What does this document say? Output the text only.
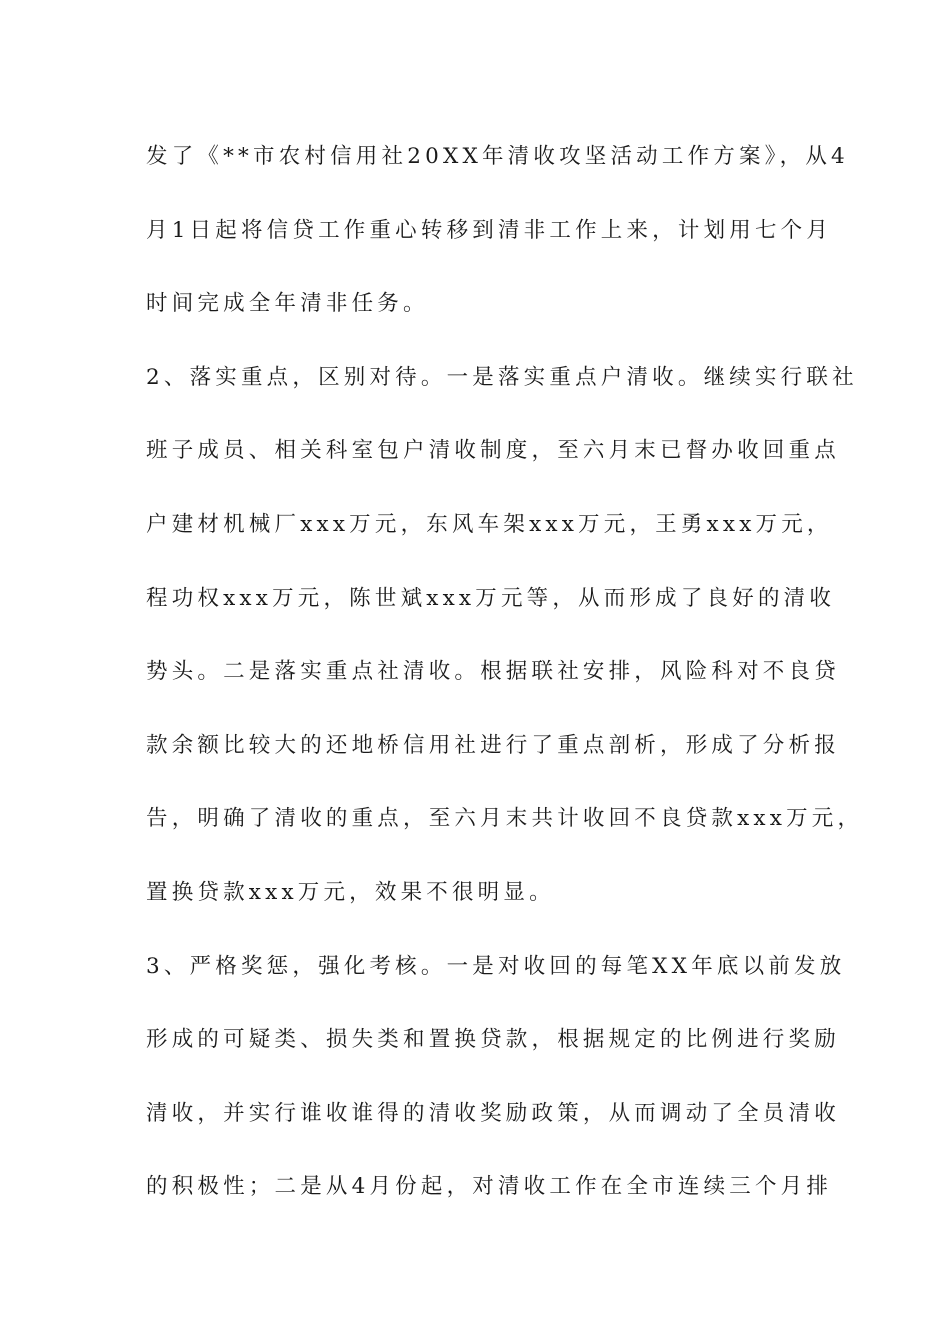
发了《**市农村信用社20XX年清收攻坚活动工作方案》，从4
月1日起将信贷工作重心转移到清非工作上来，计划用七个月
时间完成全年清非任务。
2、落实重点，区别对待。一是落实重点户清收。继续实行联社
班子成员、相关科室包户清收制度，至六月末已督办收回重点
户建材机械厂xxx万元，东风车架xxx万元，王勇xxx万元，
程功权xxx万元，陈世斌xxx万元等，从而形成了良好的清收
势头。二是落实重点社清收。根据联社安排，风险科对不良贷
款余额比较大的还地桥信用社进行了重点剖析，形成了分析报
告，明确了清收的重点，至六月末共计收回不良贷款xxx万元，
置换贷款xxx万元，效果不很明显。
3、严格奖惩，强化考核。一是对收回的每笔XX年底以前发放
形成的可疑类、损失类和置换贷款，根据规定的比例进行奖励
清收，并实行谁收谁得的清收奖励政策，从而调动了全员清收
的积极性；二是从4月份起，对清收工作在全市连续三个月排
